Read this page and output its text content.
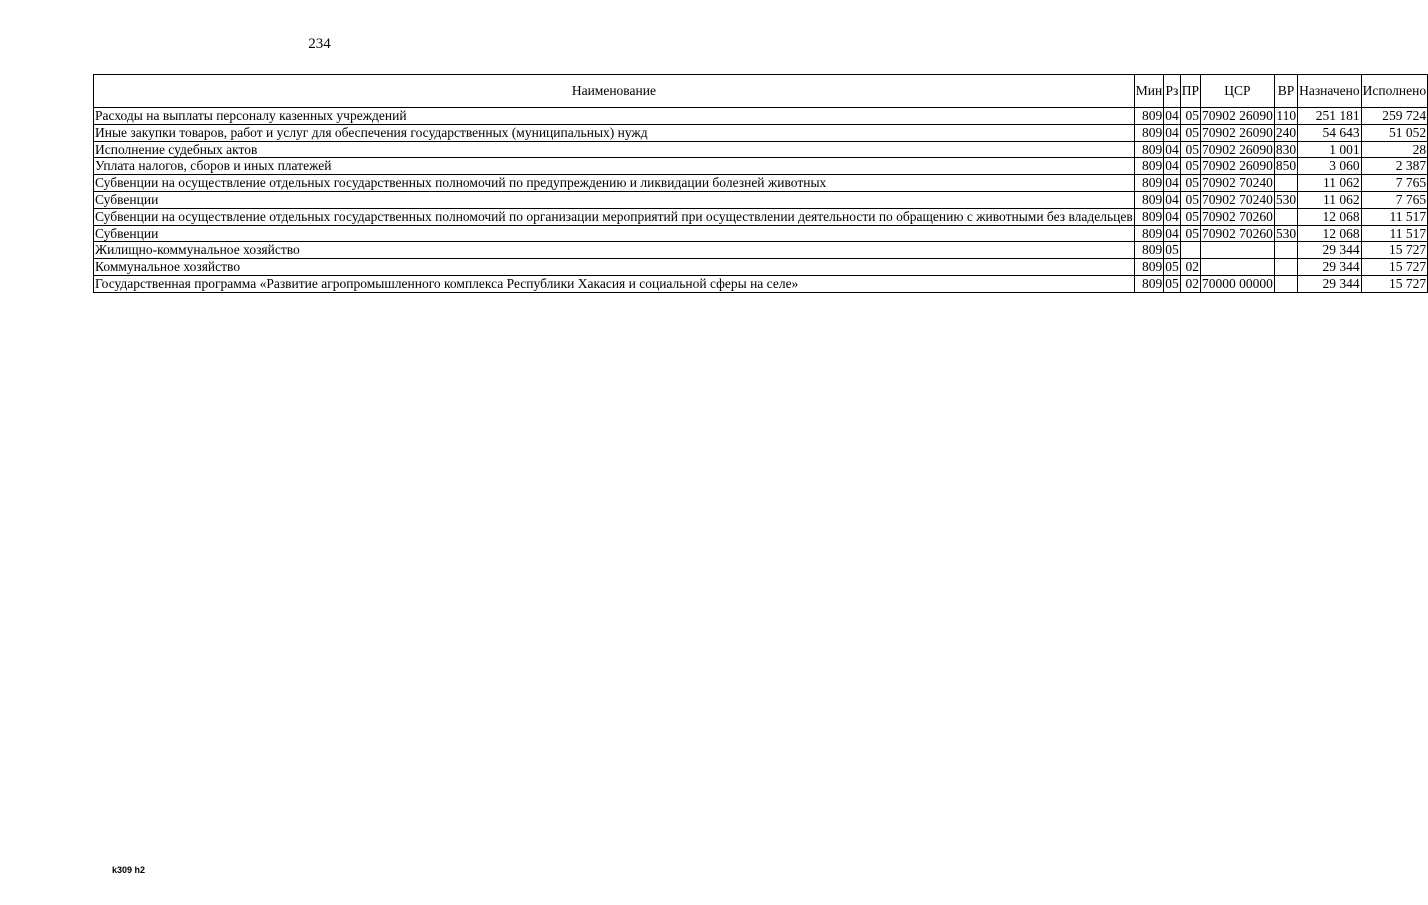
234
Наименование	Мин	Рз	ПР	ЦСР	ВР	Назначено	Исполнено

Расходы на выплаты персоналу казенных учреждений	809	04	05	70902 26090	110	251 181	259 724

Иные закупки товаров, работ и услуг для обеспечения государственных (муниципальных) нужд	809	04	05	70902 26090	240	54 643	51 052

Исполнение судебных актов	809	04	05	70902 26090	830	1 001	28

Уплата налогов, сборов и иных платежей	809	04	05	70902 26090	850	3 060	2 387

Субвенции на осуществление отдельных государственных полномочий по предупреждению и ликвидации болезней животных	809	04	05	70902 70240		11 062	7 765

Субвенции	809	04	05	70902 70240	530	11 062	7 765

Субвенции на осуществление отдельных государственных полномочий по организации мероприятий при осуществлении деятельности по обращению с животными без владельцев	809	04	05	70902 70260		12 068	11 517

Субвенции	809	04	05	70902 70260	530	12 068	11 517

Жилищно-коммунальное хозяйство	809	05				29 344	15 727

Коммунальное хозяйство	809	05	02			29 344	15 727

Государственная программа «Развитие агропромышленного комплекса Республики Хакасия и социальной сферы на селе»	809	05	02	70000 00000		29 344	15 727
k309 h2
